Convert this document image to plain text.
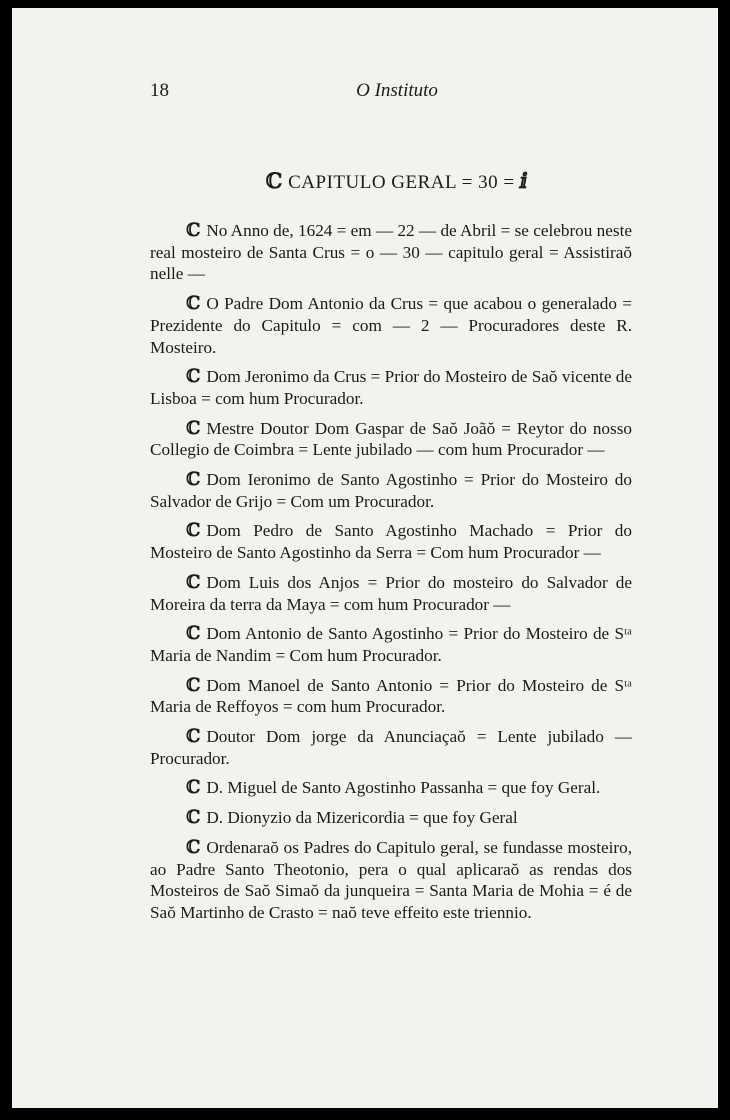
18	O Instituto
ℂ CAPITULO GERAL = 30 = ⅈ

ℂ No Anno de, 1624 = em — 22 — de Abril = se celebrou neste real mosteiro de Santa Crus = o — 30 — capitulo geral = Assistiraŏ nelle —

ℂ O Padre Dom Antonio da Crus = que acabou o generalado = Prezidente do Capitulo = com — 2 — Procuradores deste R. Mosteiro.

ℂ Dom Jeronimo da Crus = Prior do Mosteiro de Saŏ vicente de Lisboa = com hum Procurador.

ℂ Mestre Doutor Dom Gaspar de Saŏ Joãŏ = Reytor do nosso Collegio de Coimbra = Lente jubilado — com hum Procurador —

ℂ Dom Ieronimo de Santo Agostinho = Prior do Mosteiro do Salvador de Grijo = Com um Procurador.

ℂ Dom Pedro de Santo Agostinho Machado = Prior do Mosteiro de Santo Agostinho da Serra = Com hum Procurador —

ℂ Dom Luis dos Anjos = Prior do mosteiro do Salvador de Moreira da terra da Maya = com hum Procurador —

ℂ Dom Antonio de Santo Agostinho = Prior do Mosteiro de Sᵗᵃ Maria de Nandim = Com hum Procurador.

ℂ Dom Manoel de Santo Antonio = Prior do Mosteiro de Sᵗᵃ Maria de Reffoyos = com hum Procurador.

ℂ Doutor Dom jorge da Anunciaçaŏ = Lente jubilado — Procurador.

ℂ D. Miguel de Santo Agostinho Passanha = que foy Geral.

ℂ D. Dionyzio da Mizericordia = que foy Geral

ℂ Ordenaraŏ os Padres do Capitulo geral, se fundasse mosteiro, ao Padre Santo Theotonio, pera o qual aplicaraŏ as rendas dos Mosteiros de Saŏ Simaŏ da junqueira = Santa Maria de Mohia = é de Saŏ Martinho de Crasto = naŏ teve effeito este triennio.
